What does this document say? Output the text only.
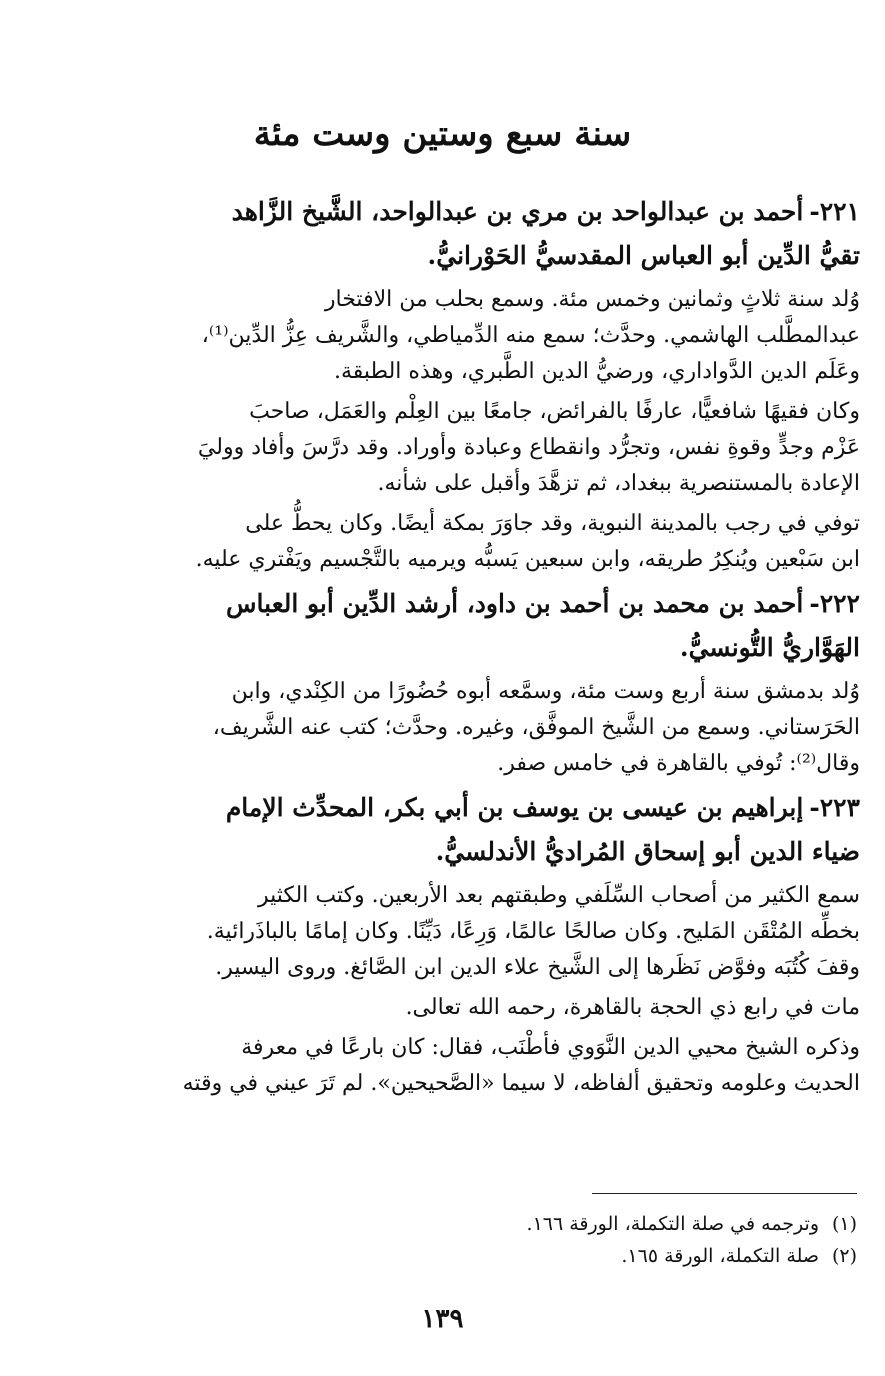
سنة سبع وستين وست مئة
٢٢١-أحمد بن عبدالواحد بن مري بن عبدالواحد، الشَّيخ الزَّاهد
تقيُّ الدِّين أبو العباس المقدسيُّ الحَوْرانيُّ.
وُلد سنة ثلاثٍ وثمانين وخمس مئة. وسمع بحلب من الافتخار
عبدالمطَّلب الهاشمي. وحدَّث؛ سمع منه الدِّمياطي، والشَّريف عِزُّ الدِّين⁽¹⁾،
وعَلَم الدين الدَّواداري، ورضيُّ الدين الطَّبري، وهذه الطبقة.
وكان فقيهًا شافعيًّا، عارفًا بالفرائض، جامعًا بين العِلْم والعَمَل، صاحبَ
عَزْم وجدٍّ وقوةِ نفس، وتجرُّد وانقطاع وعبادة وأوراد. وقد درَّسَ وأفاد ووليَ
الإعادة بالمستنصرية ببغداد، ثم تزهَّدَ وأقبل على شأنه.
توفي في رجب بالمدينة النبوية، وقد جاوَرَ بمكة أيضًا. وكان يحطُّ على
ابن سَبْعين ويُنكِرُ طريقه، وابن سبعين يَسبُّه ويرميه بالتَّجْسيم ويَفْتري عليه.
٢٢٢-أحمد بن محمد بن أحمد بن داود، أرشد الدِّين أبو العباس
الهَوَّاريُّ التُّونسيُّ.
وُلد بدمشق سنة أربع وست مئة، وسمَّعه أبوه حُضُورًا من الكِنْدي، وابن
الحَرَستاني. وسمع من الشَّيخ الموفَّق، وغيره. وحدَّث؛ كتب عنه الشَّريف،
وقال⁽²⁾: تُوفي بالقاهرة في خامس صفر.
٢٢٣-إبراهيم بن عيسى بن يوسف بن أبي بكر، المحدِّث الإمام
ضياء الدين أبو إسحاق المُراديُّ الأندلسيُّ.
سمع الكثير من أصحاب السِّلَفي وطبقتهم بعد الأربعين. وكتب الكثير
بخطِّه المُتْقَن المَليح. وكان صالحًا عالمًا، وَرِعًا، دَيِّنًا. وكان إمامًا بالباذَرائية.
وقفَ كُتُبَه وفوَّض نَظَرها إلى الشَّيخ علاء الدين ابن الصَّائغ. وروى اليسير.
مات في رابع ذي الحجة بالقاهرة، رحمه الله تعالى.
وذكره الشيخ محيي الدين النَّوَوي فأطْنَب، فقال: كان بارعًا في معرفة
الحديث وعلومه وتحقيق ألفاظه، لا سيما «الصَّحيحين». لم تَرَ عيني في وقته
(١)وترجمه في صلة التكملة، الورقة ١٦٦.
(٢)صلة التكملة، الورقة ١٦٥.
١٣٩
